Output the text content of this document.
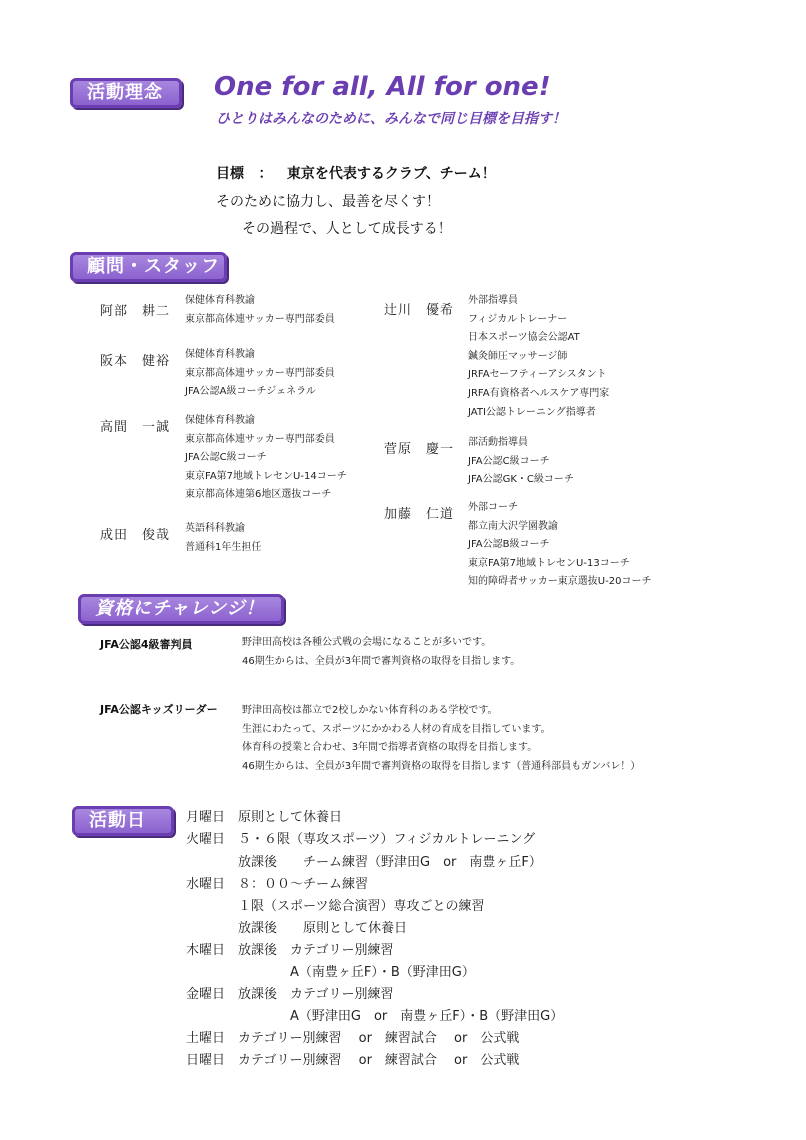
活動理念	One for all, All for one!
ひとりはみんなのために、みんなで同じ目標を目指す！
目標 ： 東京を代表するクラブ、チーム！
そのために協力し、最善を尽くす！
その過程で、人として成長する！
顧問・スタッフ
阿部　耕二
保健体育科教諭
東京都高体連サッカー専門部委員
阪本　健裕 保健体育科教諭
東京都高体連サッカー専門部委員
JFA公認A級コーチジェネラル
高間　一誠 保健体育科教諭
東京都高体連サッカー専門部委員
JFA公認C級コーチ
東京FA第7地域トレセンU-14コーチ
東京都高体連第6地区選抜コーチ
成田　俊哉 英語科科教諭
普通科1年生担任
辻川　優希
外部指導員
フィジカルトレーナー
日本スポーツ協会公認AT
鍼灸師圧マッサージ師
JRFAセーフティーアシスタント
JRFA有資格者ヘルスケア専門家
JATI公認トレーニング指導者
菅原　慶一 部活動指導員
JFA公認C級コーチ
JFA公認GK・C級コーチ
加藤　仁道 外部コーチ
都立南大沢学園教諭
JFA公認B級コーチ
東京FA第7地域トレセンU-13コーチ
知的障碍者サッカー東京選抜U-20コーチ
資格にチャレンジ！
JFA公認4級審判員	野津田高校は各種公式戦の会場になることが多いです。
46期生からは、全員が3年間で審判資格の取得を目指します。
JFA公認キッズリーダー 野津田高校は都立で2校しかない体育科のある学校です。
生涯にわたって、スポーツにかかわる人材の育成を目指しています。
体育科の授業と合わせ、3年間で指導者資格の取得を目指します。
46期生からは、全員が3年間で審判資格の取得を目指します（普通科部員もガンバレ！）
活動日	月曜日　原則として休養日
火曜日　５・６限（専攻スポーツ）フィジカルトレーニング
　　　　放課後　　チーム練習（野津田G　or　南豊ヶ丘F）
水曜日　８：００～チーム練習
　　　　１限（スポーツ総合演習）専攻ごとの練習
　　　　放課後　　原則として休養日
木曜日　放課後　カテゴリー別練習
　　　　　　　　A（南豊ヶ丘F）・B（野津田G）
金曜日　放課後　カテゴリー別練習
　　　　　　　　A（野津田G　or　南豊ヶ丘F）・B（野津田G）
土曜日　カテゴリー別練習　 or　練習試合　 or　公式戦
日曜日　カテゴリー別練習　 or　練習試合　 or　公式戦
